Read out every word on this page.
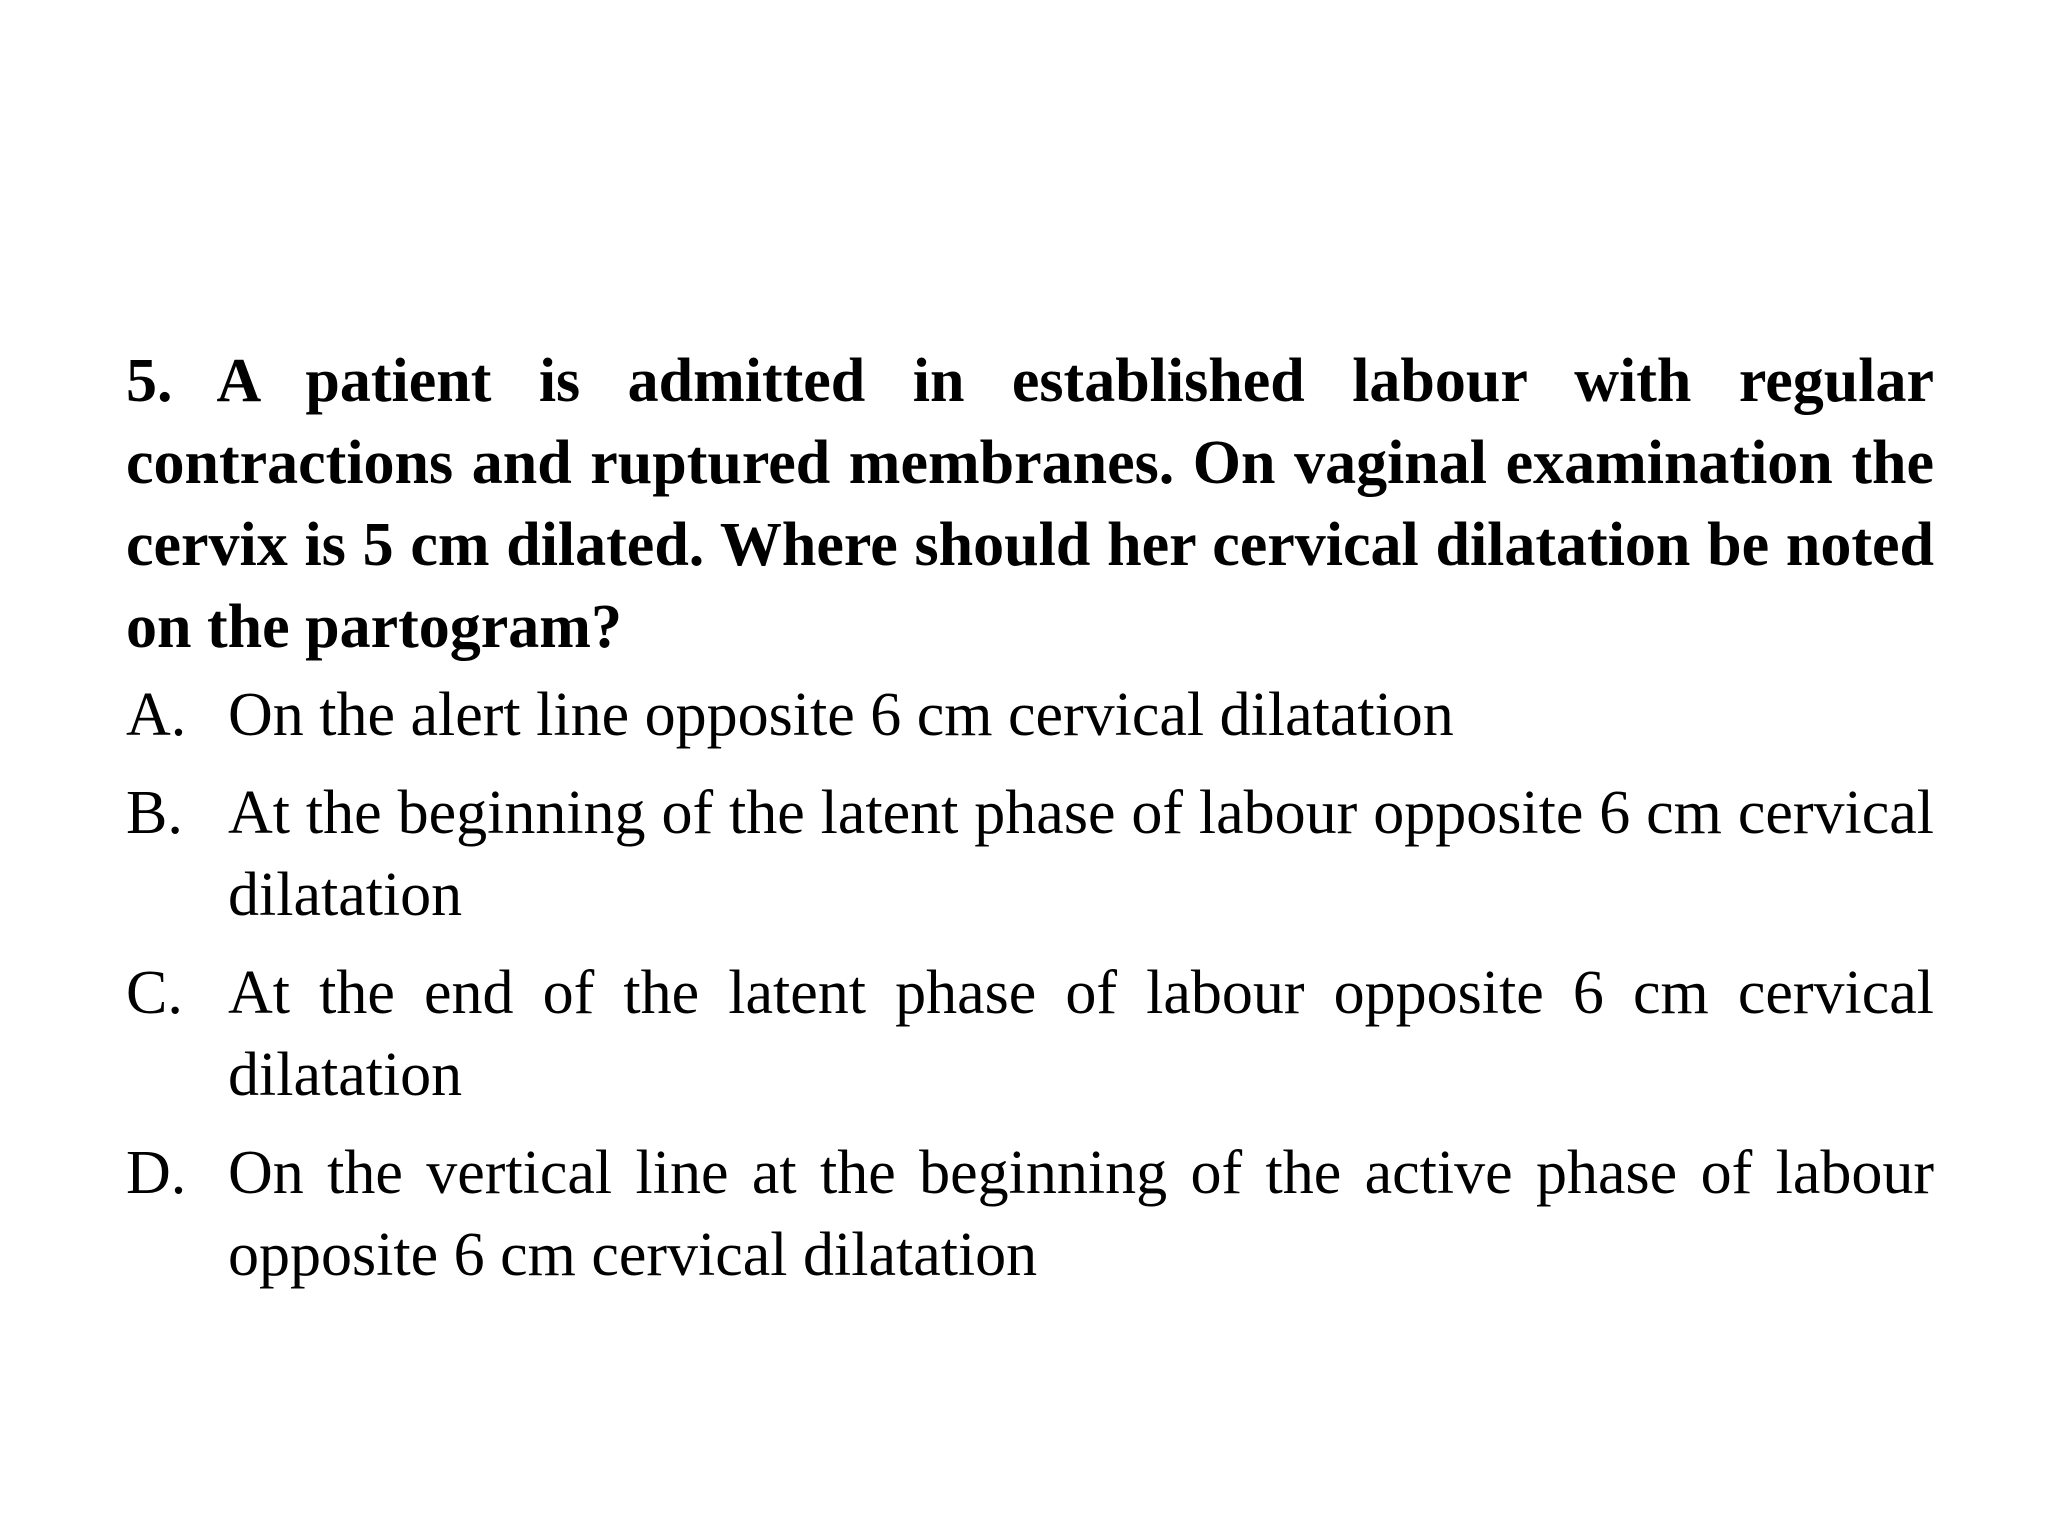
5. A patient is admitted in established labour with regular contractions and ruptured membranes. On vaginal examination the cervix is 5 cm dilated. Where should her cervical dilatation be noted on the partogram?

A. On the alert line opposite 6 cm cervical dilatation
B. At the beginning of the latent phase of labour opposite 6 cm cervical dilatation
C. At the end of the latent phase of labour opposite 6 cm cervical dilatation
D. On the vertical line at the beginning of the active phase of labour opposite 6 cm cervical dilatation
